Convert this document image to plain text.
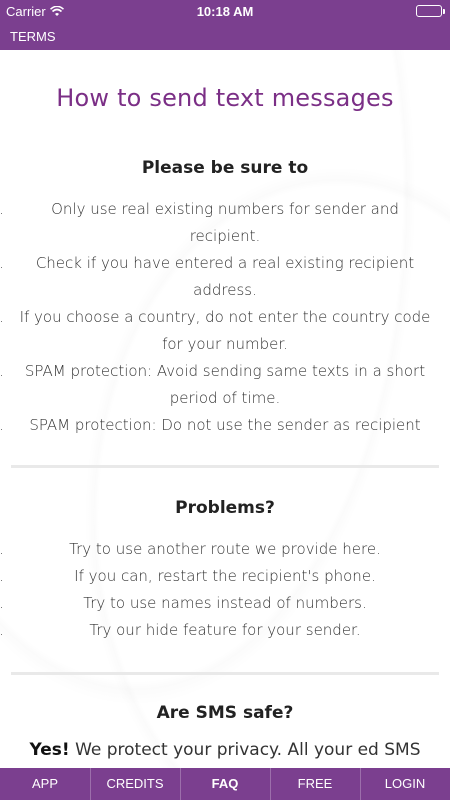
Carrier	10:18 AM
TERMS
How to send text messages
Please be sure to
. Only use real existing numbers for sender and recipient.
. Check if you have entered a real existing recipient address.
. If you choose a country, do not enter the country code for your number.
. SPAM protection: Avoid sending same texts in a short period of time.
. SPAM protection: Do not use the sender as recipient
Problems?
. Try to use another route we provide here.
. If you can, restart the recipient's phone.
. Try to use names instead of numbers.
. Try our hide feature for your sender.
Are SMS safe?

Yes! We protect your privacy. All your ed SMS

APP	CREDITS	FAQ	FREE	LOGIN
